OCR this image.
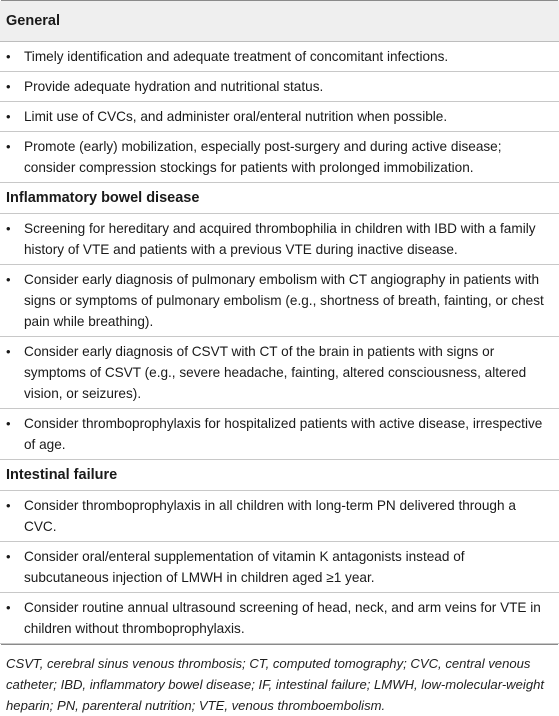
General
• Timely identification and adequate treatment of concomitant infections.
• Provide adequate hydration and nutritional status.
• Limit use of CVCs, and administer oral/enteral nutrition when possible.
• Promote (early) mobilization, especially post-surgery and during active disease; consider compression stockings for patients with prolonged immobilization.
Inflammatory bowel disease
• Screening for hereditary and acquired thrombophilia in children with IBD with a family history of VTE and patients with a previous VTE during inactive disease.
• Consider early diagnosis of pulmonary embolism with CT angiography in patients with signs or symptoms of pulmonary embolism (e.g., shortness of breath, fainting, or chest pain while breathing).
• Consider early diagnosis of CSVT with CT of the brain in patients with signs or symptoms of CSVT (e.g., severe headache, fainting, altered consciousness, altered vision, or seizures).
• Consider thromboprophylaxis for hospitalized patients with active disease, irrespective of age.
Intestinal failure
• Consider thromboprophylaxis in all children with long-term PN delivered through a CVC.
• Consider oral/enteral supplementation of vitamin K antagonists instead of subcutaneous injection of LMWH in children aged ≥1 year.
• Consider routine annual ultrasound screening of head, neck, and arm veins for VTE in children without thromboprophylaxis.
CSVT, cerebral sinus venous thrombosis; CT, computed tomography; CVC, central venous catheter; IBD, inflammatory bowel disease; IF, intestinal failure; LMWH, low-molecular-weight heparin; PN, parenteral nutrition; VTE, venous thromboembolism.
